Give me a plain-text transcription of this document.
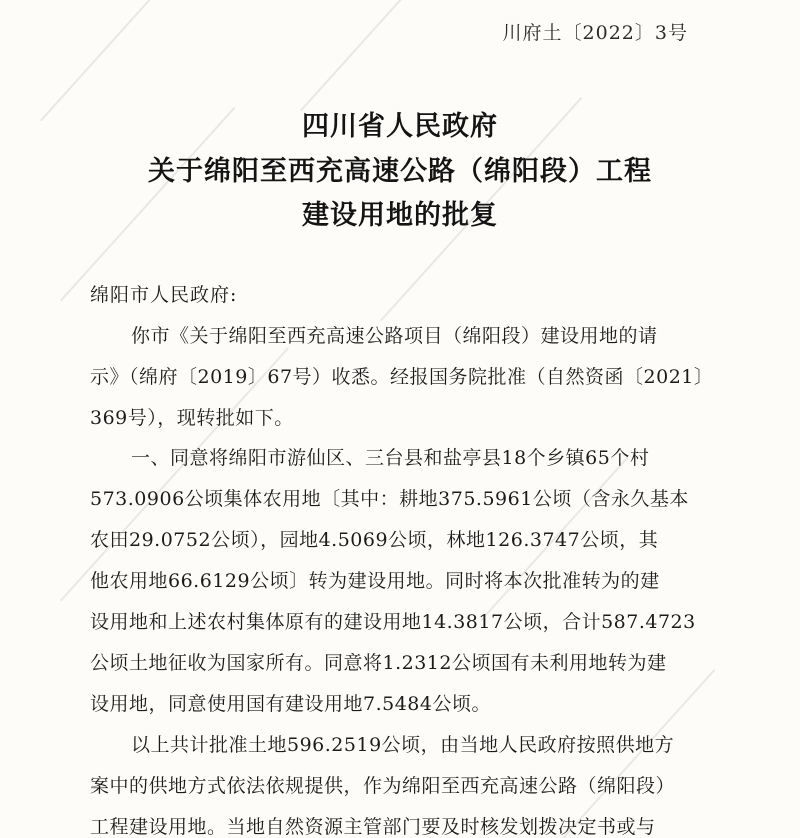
川府土〔2022〕3号
四川省人民政府
关于绵阳至西充高速公路（绵阳段）工程
建设用地的批复
绵阳市人民政府:
你市《关于绵阳至西充高速公路项目（绵阳段）建设用地的请
示》（绵府〔2019〕67号）收悉。经报国务院批准（自然资函〔2021〕
369号），现转批如下。
一、同意将绵阳市游仙区、三台县和盐亭县18个乡镇65个村
573.0906公顷集体农用地〔其中：耕地375.5961公顷（含永久基本
农田29.0752公顷），园地4.5069公顷，林地126.3747公顷，其
他农用地66.6129公顷〕转为建设用地。同时将本次批准转为的建
设用地和上述农村集体原有的建设用地14.3817公顷，合计587.4723
公顷土地征收为国家所有。同意将1.2312公顷国有未利用地转为建
设用地，同意使用国有建设用地7.5484公顷。
以上共计批准土地596.2519公顷，由当地人民政府按照供地方
案中的供地方式依法依规提供，作为绵阳至西充高速公路（绵阳段）
工程建设用地。当地自然资源主管部门要及时核发划拨决定书或与
